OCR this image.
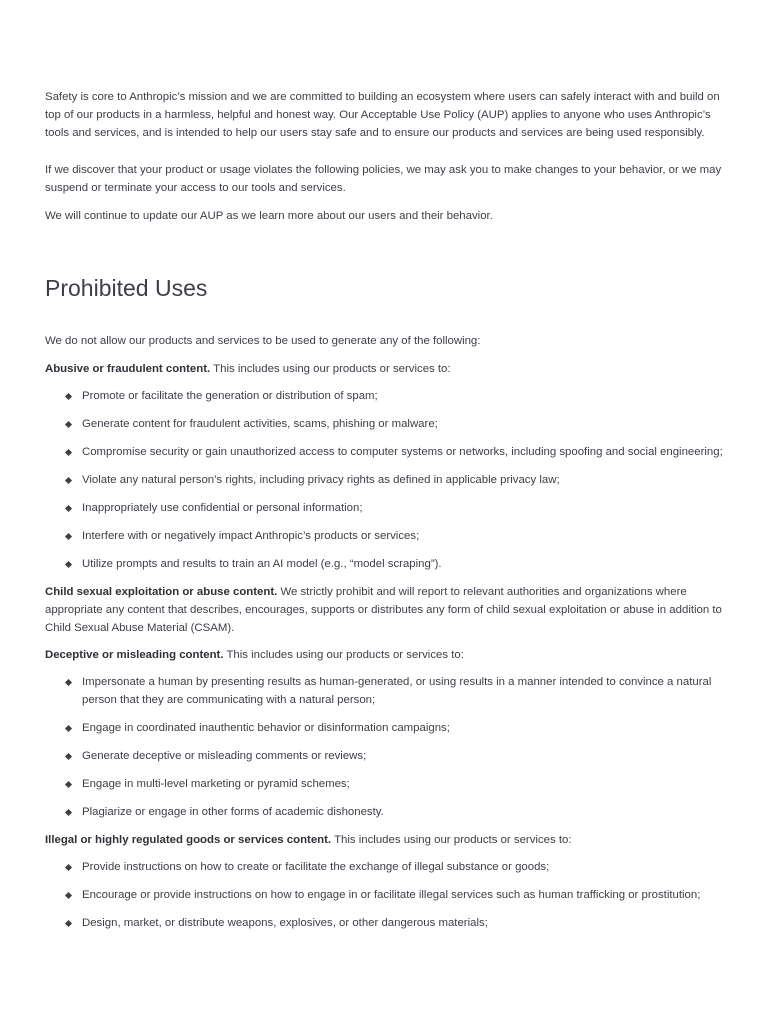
Safety is core to Anthropic’s mission and we are committed to building an ecosystem where users can safely interact with and build on top of our products in a harmless, helpful and honest way. Our Acceptable Use Policy (AUP) applies to anyone who uses Anthropic’s tools and services, and is intended to help our users stay safe and to ensure our products and services are being used responsibly.

If we discover that your product or usage violates the following policies, we may ask you to make changes to your behavior, or we may suspend or terminate your access to our tools and services.

We will continue to update our AUP as we learn more about our users and their behavior.

Prohibited Uses

We do not allow our products and services to be used to generate any of the following:

Abusive or fraudulent content. This includes using our products or services to:

Promote or facilitate the generation or distribution of spam;
Generate content for fraudulent activities, scams, phishing or malware;
Compromise security or gain unauthorized access to computer systems or networks, including spoofing and social engineering;
Violate any natural person’s rights, including privacy rights as defined in applicable privacy law;
Inappropriately use confidential or personal information;
Interfere with or negatively impact Anthropic’s products or services;
Utilize prompts and results to train an AI model (e.g., “model scraping”).

Child sexual exploitation or abuse content. We strictly prohibit and will report to relevant authorities and organizations where appropriate any content that describes, encourages, supports or distributes any form of child sexual exploitation or abuse in addition to Child Sexual Abuse Material (CSAM).

Deceptive or misleading content. This includes using our products or services to:

Impersonate a human by presenting results as human-generated, or using results in a manner intended to convince a natural person that they are communicating with a natural person;
Engage in coordinated inauthentic behavior or disinformation campaigns;
Generate deceptive or misleading comments or reviews;
Engage in multi-level marketing or pyramid schemes;
Plagiarize or engage in other forms of academic dishonesty.

Illegal or highly regulated goods or services content. This includes using our products or services to:

Provide instructions on how to create or facilitate the exchange of illegal substance or goods;
Encourage or provide instructions on how to engage in or facilitate illegal services such as human trafficking or prostitution;
Design, market, or distribute weapons, explosives, or other dangerous materials;
